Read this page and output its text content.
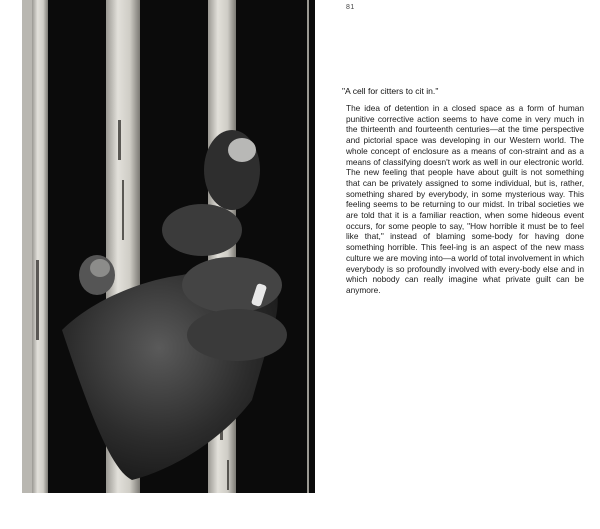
81

"A cell for citters to cit in."

The idea of detention in a closed space as a form of human punitive corrective action seems to have come in very much in the thirteenth and fourteenth centuries—at the time perspective and pictorial space was developing in our Western world. The whole concept of enclosure as a means of con-straint and as a means of classifying doesn't work as well in our electronic world. The new feeling that people have about guilt is not something that can be privately assigned to some individual, but is, rather, something shared by everybody, in some mysterious way. This feeling seems to be returning to our midst. In tribal societies we are told that it is a familiar reaction, when some hideous event occurs, for some people to say, "How horrible it must be to feel like that," instead of blaming some-body for having done something horrible. This feel-ing is an aspect of the new mass culture we are moving into—a world of total involvement in which everybody is so profoundly involved with every-body else and in which nobody can really imagine what private guilt can be anymore.
